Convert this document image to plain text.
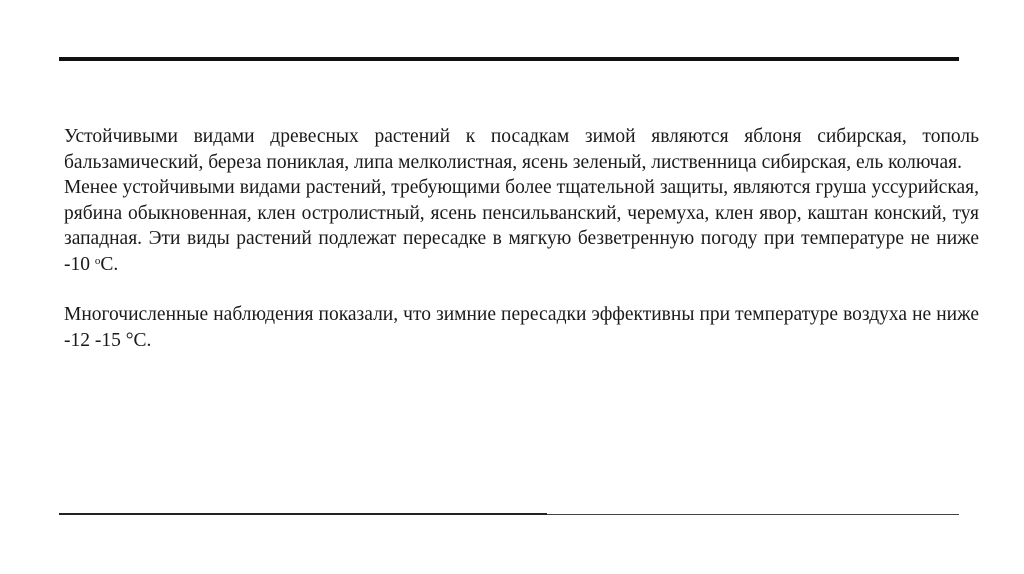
Устойчивыми видами древесных растений к посадкам зимой являются яблоня сибирская, тополь бальзамический, береза пониклая, липа мелколистная, ясень зеленый, лиственница сибирская, ель колючая.

Менее устойчивыми видами растений, требующими более тщательной защиты, являются груша уссурийская, рябина обыкновенная, клен остролистный, ясень пенсильванский, черемуха, клен явор, каштан конский, туя западная. Эти виды растений подлежат пересадке в мягкую безветренную погоду при температуре не ниже -10 $^o$С.

Многочисленные наблюдения показали, что зимние пересадки эффективны при температуре воздуха не ниже -12 -15 °С.
